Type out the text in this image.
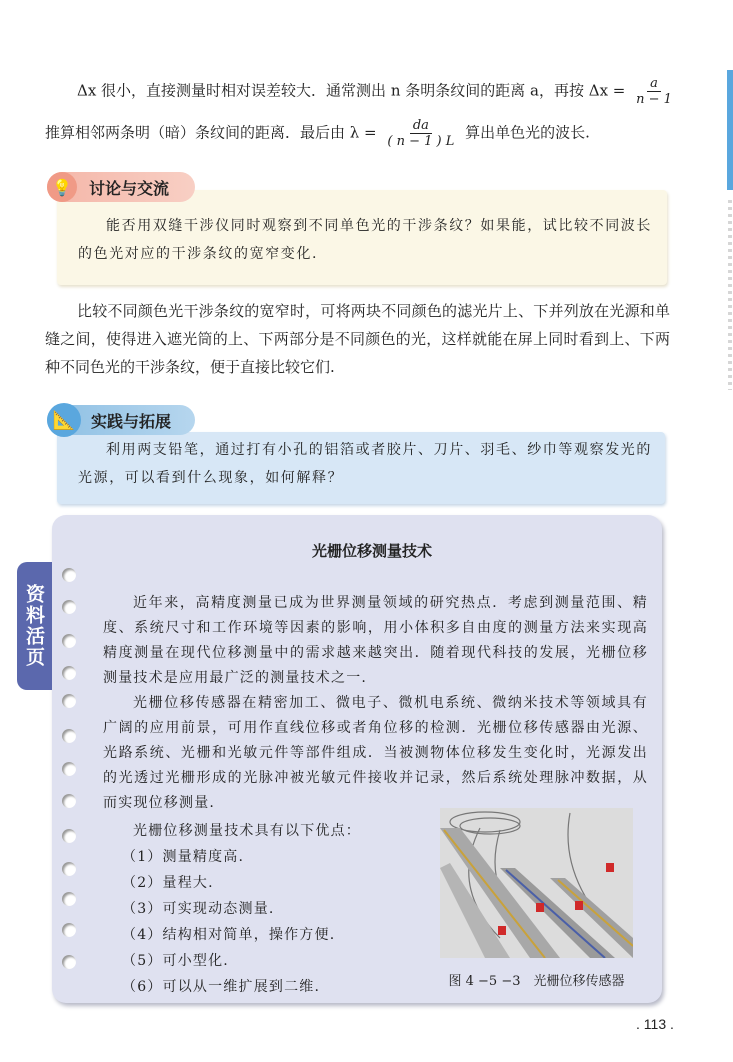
Δx 很小，直接测量时相对误差较大．通常测出 n 条明条纹间的距离 a，再按 $\Delta x = \frac{a}{n - 1}$
推算相邻两条明（暗）条纹间的距离．最后由 $\lambda = \frac{da}{( n - 1 ) L}$ 算出单色光的波长.
💡	讨论与交流
能否用双缝干涉仪同时观察到不同单色光的干涉条纹？如果能，试比较不同波长的色光对应的干涉条纹的宽窄变化.
比较不同颜色光干涉条纹的宽窄时，可将两块不同颜色的滤光片上、下并列放在光源和单缝之间，使得进入遮光筒的上、下两部分是不同颜色的光，这样就能在屏上同时看到上、下两种不同色光的干涉条纹，便于直接比较它们.
📐 实践与拓展
利用两支铅笔，通过打有小孔的铝箔或者胶片、刀片、羽毛、纱巾等观察发光的光源，可以看到什么现象，如何解释？
资料活页
光栅位移测量技术

近年来，高精度测量已成为世界测量领域的研究热点．考虑到测量范围、精度、系统尺寸和工作环境等因素的影响，用小体积多自由度的测量方法来实现高精度测量在现代位移测量中的需求越来越突出．随着现代科技的发展，光栅位移测量技术是应用最广泛的测量技术之一.

光栅位移传感器在精密加工、微电子、微机电系统、微纳米技术等领域具有广阔的应用前景，可用作直线位移或者角位移的检测．光栅位移传感器由光源、光路系统、光栅和光敏元件等部件组成．当被测物体位移发生变化时，光源发出的光透过光栅形成的光脉冲被光敏元件接收并记录，然后系统处理脉冲数据，从而实现位移测量.

光栅位移测量技术具有以下优点：

（1）测量精度高.
（2）量程大.
（3）可实现动态测量.
（4）结构相对简单，操作方便.
（5）可小型化.
（6）可以从一维扩展到二维.	图 4 −5 −3　光栅位移传感器
. 113 .
